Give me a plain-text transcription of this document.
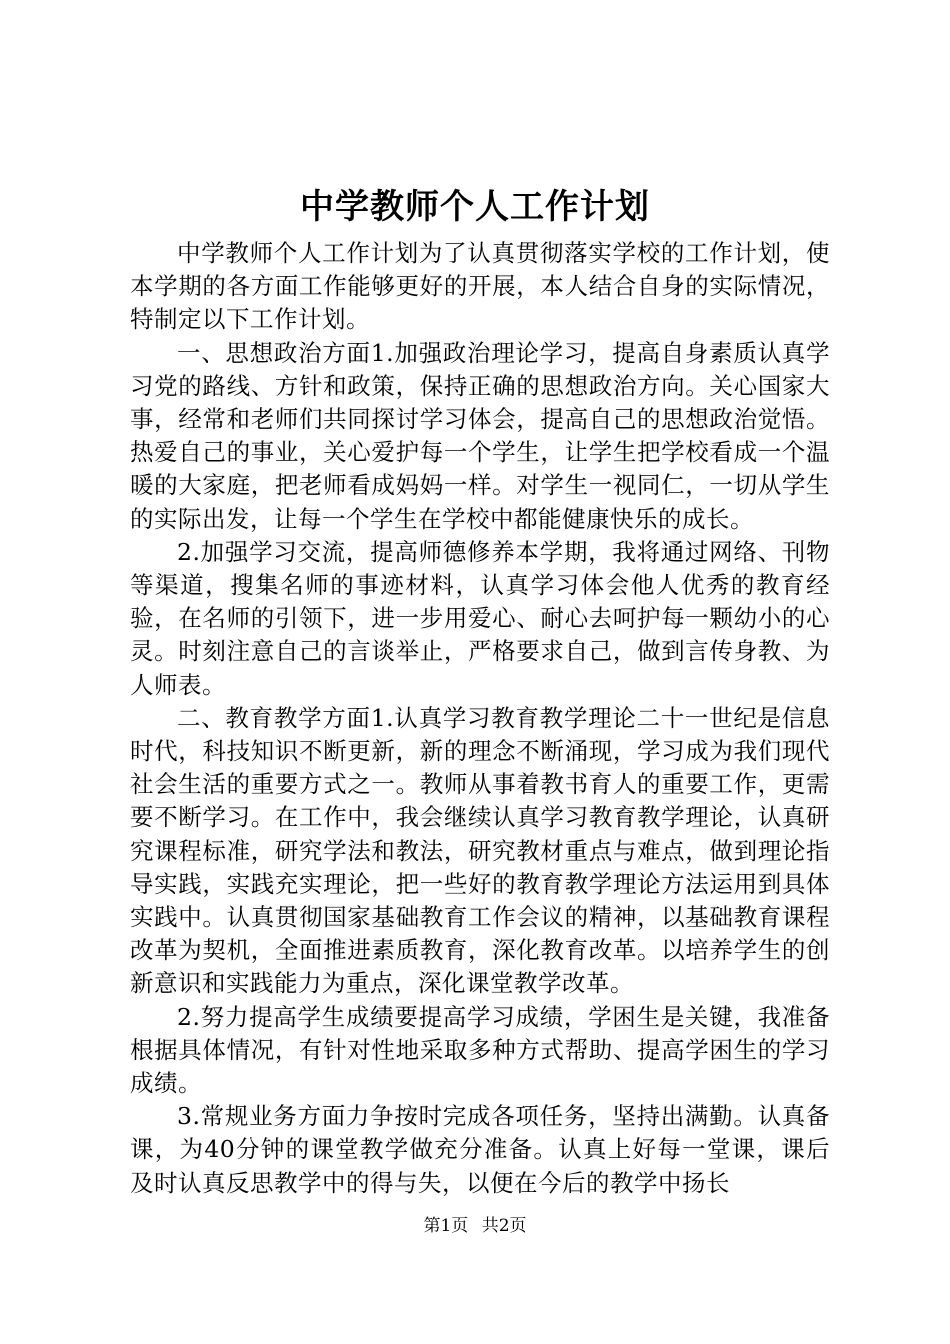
中学教师个人工作计划

中学教师个人工作计划为了认真贯彻落实学校的工作计划，使本学期的各方面工作能够更好的开展，本人结合自身的实际情况，特制定以下工作计划。

一、思想政治方面1.加强政治理论学习，提高自身素质认真学习党的路线、方针和政策，保持正确的思想政治方向。关心国家大事，经常和老师们共同探讨学习体会，提高自己的思想政治觉悟。热爱自己的事业，关心爱护每一个学生，让学生把学校看成一个温暖的大家庭，把老师看成妈妈一样。对学生一视同仁，一切从学生的实际出发，让每一个学生在学校中都能健康快乐的成长。

2.加强学习交流，提高师德修养本学期，我将通过网络、刊物等渠道，搜集名师的事迹材料，认真学习体会他人优秀的教育经验，在名师的引领下，进一步用爱心、耐心去呵护每一颗幼小的心灵。时刻注意自己的言谈举止，严格要求自己，做到言传身教、为人师表。

二、教育教学方面1.认真学习教育教学理论二十一世纪是信息时代，科技知识不断更新，新的理念不断涌现，学习成为我们现代社会生活的重要方式之一。教师从事着教书育人的重要工作，更需要不断学习。在工作中，我会继续认真学习教育教学理论，认真研究课程标准，研究学法和教法，研究教材重点与难点，做到理论指导实践，实践充实理论，把一些好的教育教学理论方法运用到具体实践中。认真贯彻国家基础教育工作会议的精神，以基础教育课程改革为契机，全面推进素质教育，深化教育改革。以培养学生的创新意识和实践能力为重点，深化课堂教学改革。

2.努力提高学生成绩要提高学习成绩，学困生是关键，我准备根据具体情况，有针对性地采取多种方式帮助、提高学困生的学习成绩。

3.常规业务方面力争按时完成各项任务，坚持出满勤。认真备课，为40分钟的课堂教学做充分准备。认真上好每一堂课，课后及时认真反思教学中的得与失，以便在今后的教学中扬长

第1页 共2页
